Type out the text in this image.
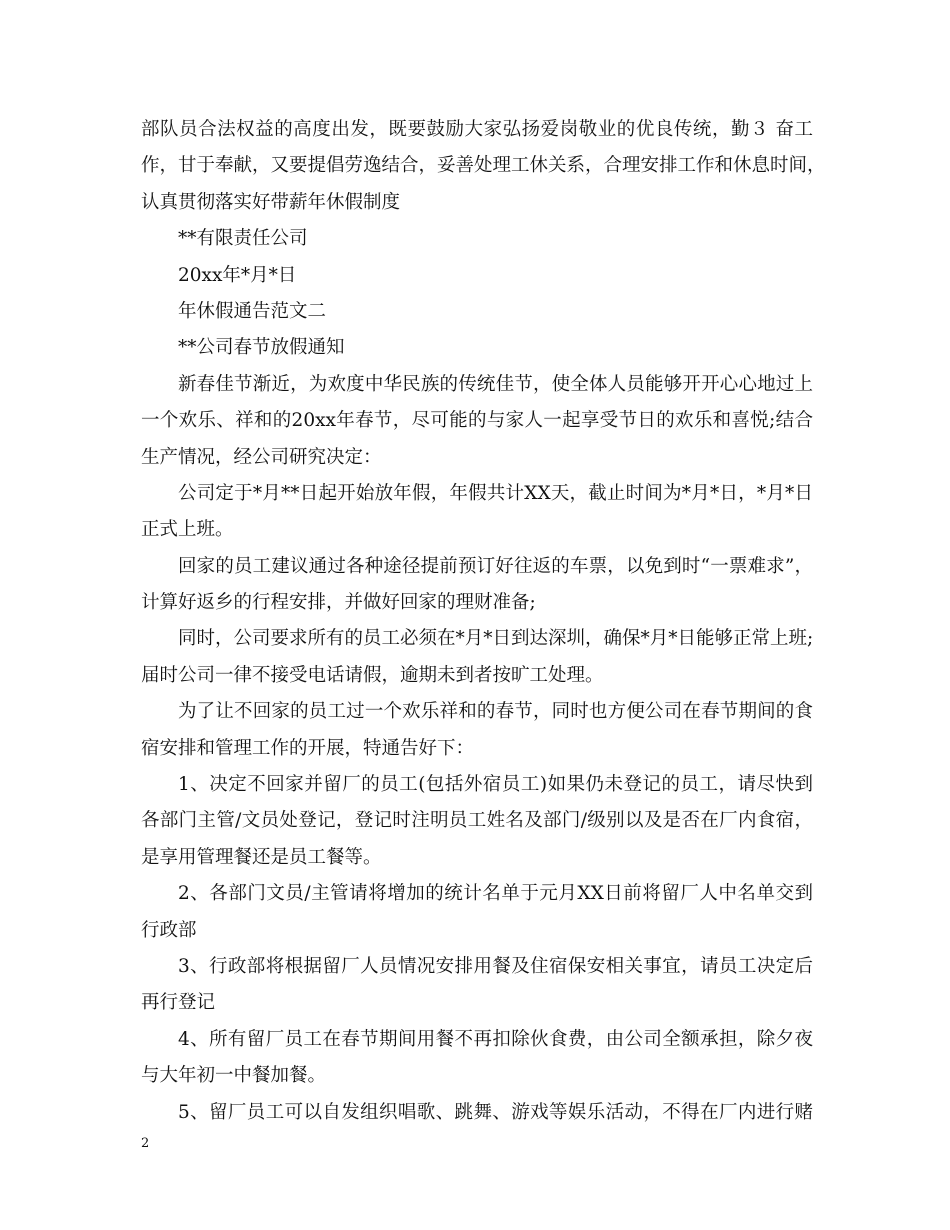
部队员合法权益的高度出发，既要鼓励大家弘扬爱岗敬业的优良传统，勤３ 奋工
作，甘于奉献，又要提倡劳逸结合，妥善处理工休关系，合理安排工作和休息时间，
认真贯彻落实好带薪年休假制度
**有限责任公司
20xx年*月*日
年休假通告范文二
**公司春节放假通知
新春佳节渐近，为欢度中华民族的传统佳节，使全体人员能够开开心心地过上
一个欢乐、祥和的20xx年春节，尽可能的与家人一起享受节日的欢乐和喜悦;结合
生产情况，经公司研究决定：
公司定于*月**日起开始放年假，年假共计XX天，截止时间为*月*日，*月*日
正式上班。
回家的员工建议通过各种途径提前预订好往返的车票，以免到时“一票难求”，
计算好返乡的行程安排，并做好回家的理财准备;
同时，公司要求所有的员工必须在*月*日到达深圳，确保*月*日能够正常上班;
届时公司一律不接受电话请假，逾期未到者按旷工处理。
为了让不回家的员工过一个欢乐祥和的春节，同时也方便公司在春节期间的食
宿安排和管理工作的开展，特通告好下：
1、决定不回家并留厂的员工(包括外宿员工)如果仍未登记的员工，请尽快到
各部门主管/文员处登记，登记时注明员工姓名及部门/级别以及是否在厂内食宿，
是享用管理餐还是员工餐等。
2、各部门文员/主管请将增加的统计名单于元月XX日前将留厂人中名单交到
行政部
3、行政部将根据留厂人员情况安排用餐及住宿保安相关事宜，请员工决定后
再行登记
4、所有留厂员工在春节期间用餐不再扣除伙食费，由公司全额承担，除夕夜
与大年初一中餐加餐。
5、留厂员工可以自发组织唱歌、跳舞、游戏等娱乐活动，不得在厂内进行赌
2
